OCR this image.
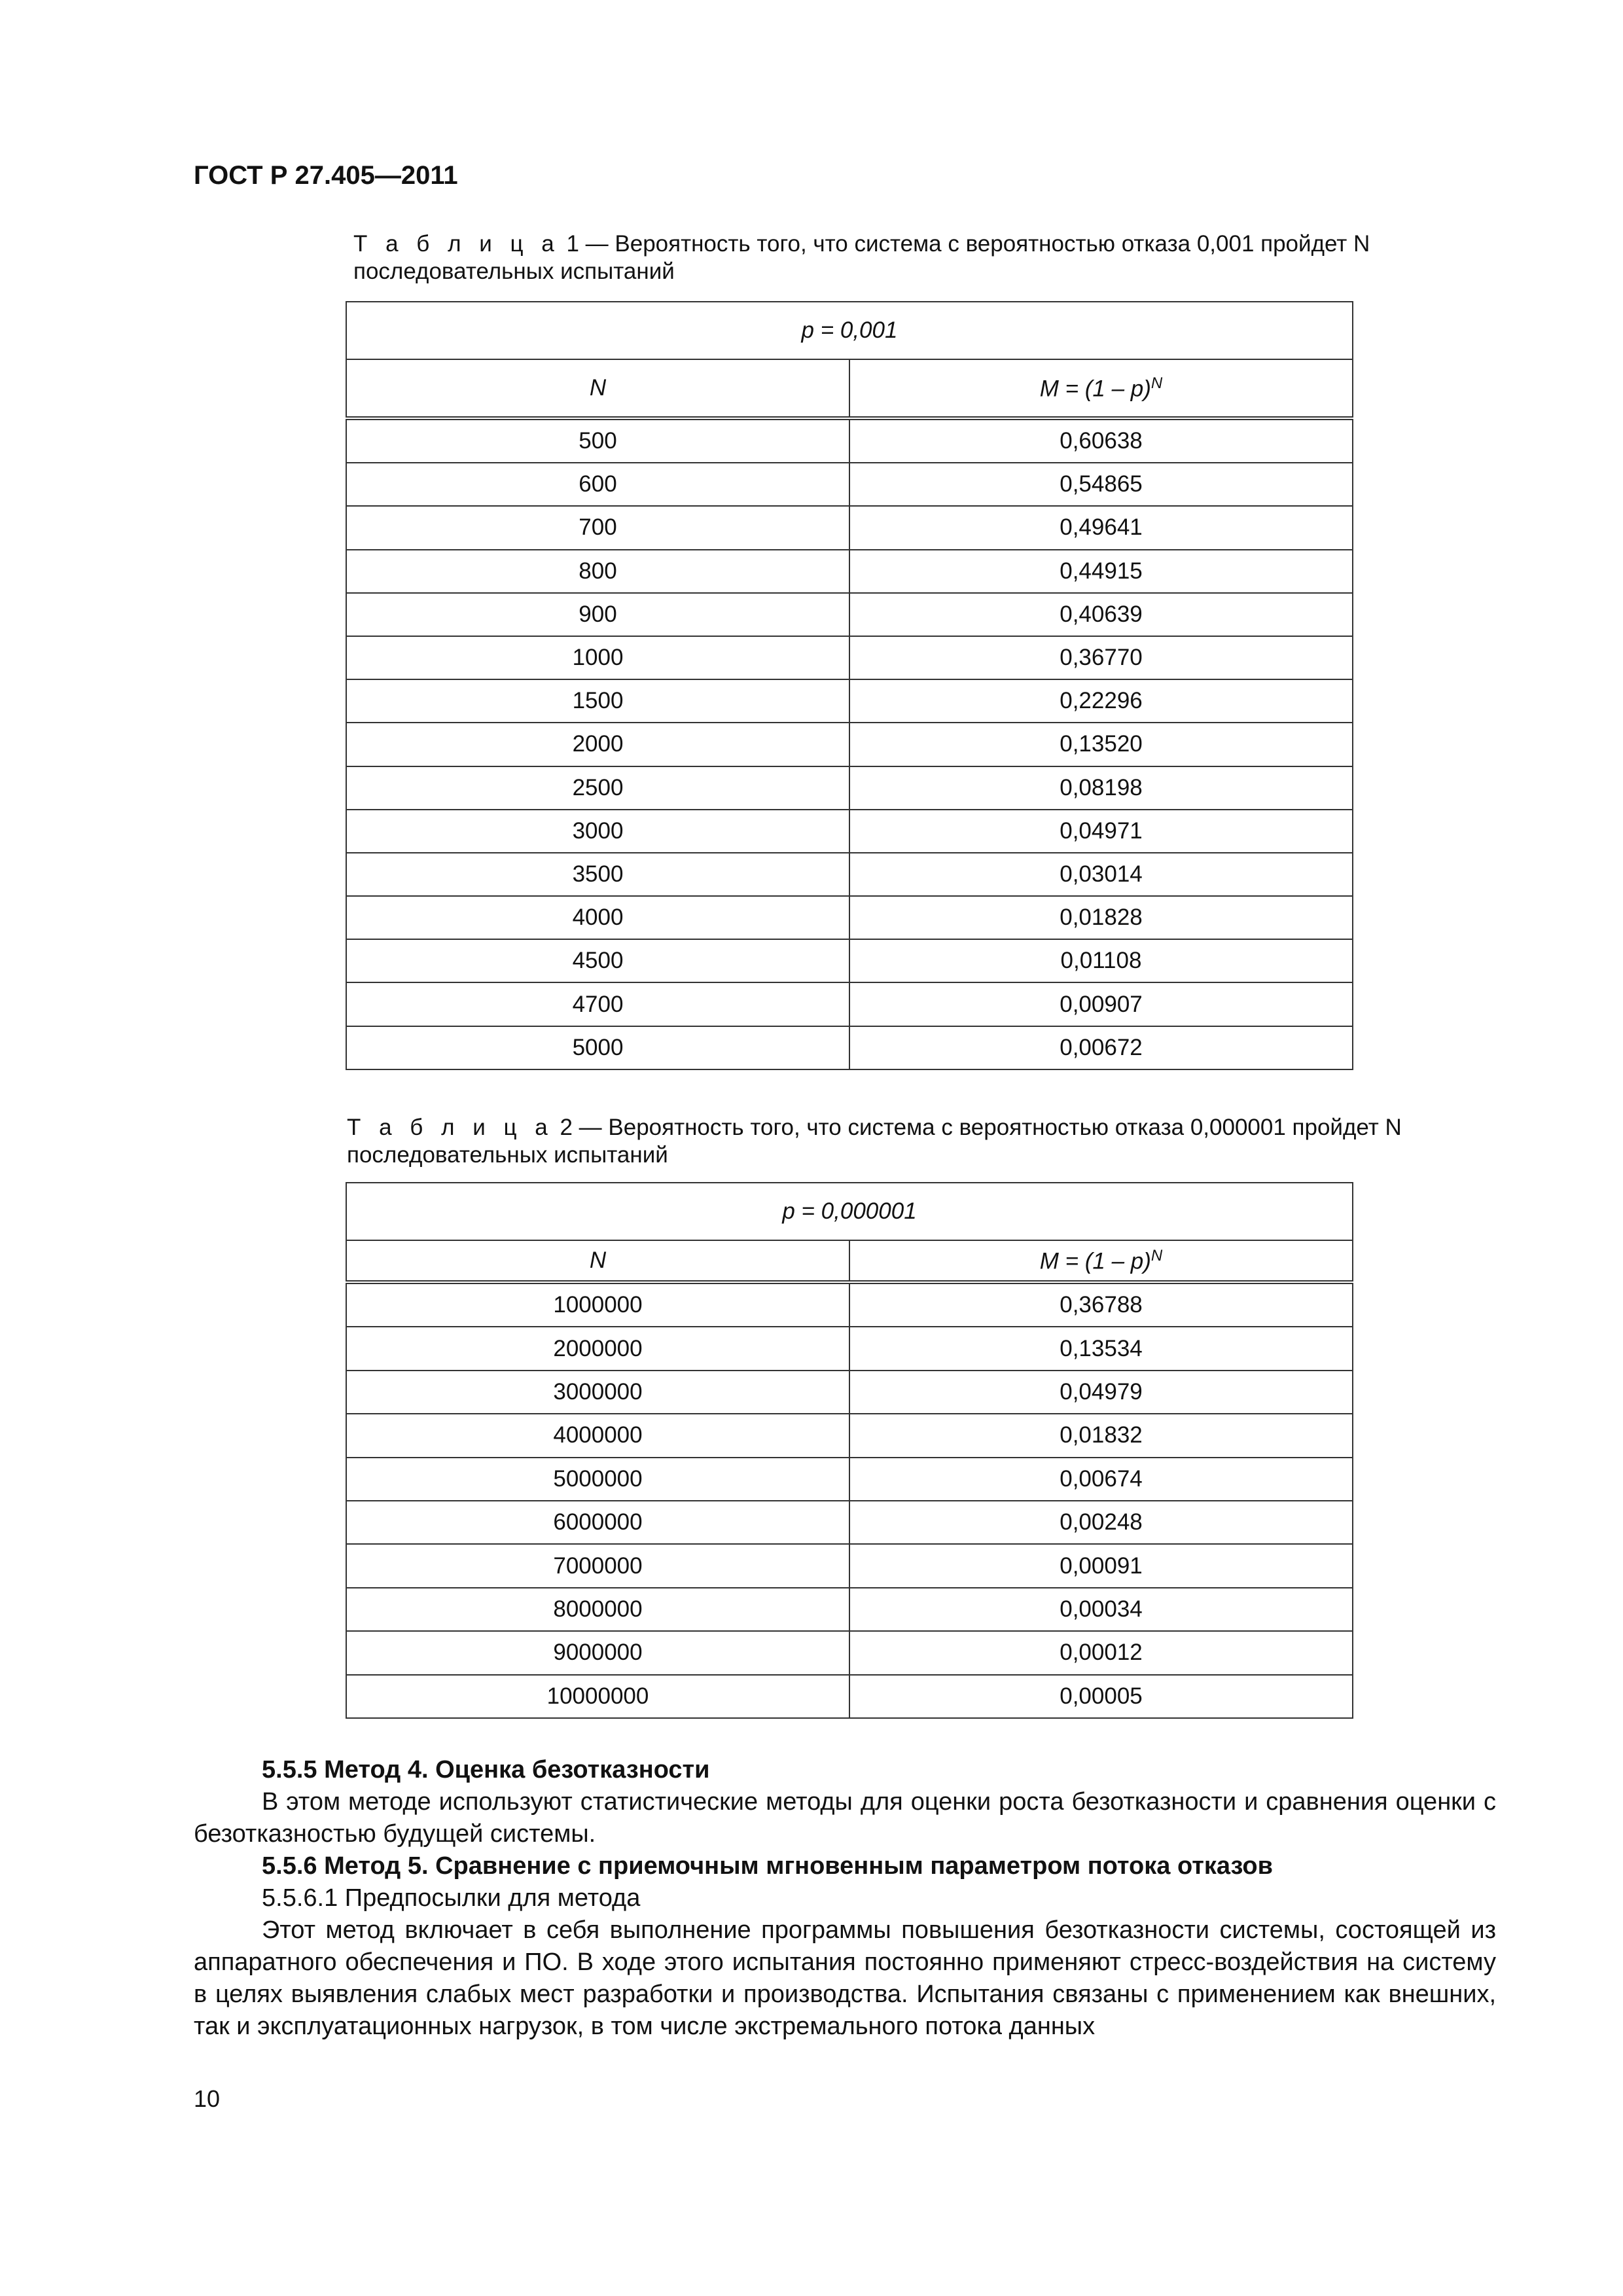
ГОСТ Р 27.405—2011
Т а б л и ц а 1 — Вероятность того, что система с вероятностью отказа 0,001 пройдет N последовательных испытаний
p = 0,001	
N	M = (1 – p)$^N$
500	0,60638
600	0,54865
700	0,49641
800	0,44915
900	0,40639
1000	0,36770
1500	0,22296
2000	0,13520
2500	0,08198
3000	0,04971
3500	0,03014
4000	0,01828
4500	0,01108
4700	0,00907
5000	0,00672
Т а б л и ц а 2 — Вероятность того, что система с вероятностью отказа 0,000001 пройдет N последовательных испытаний
p = 0,000001	
N	M = (1 – p)$^N$
1000000	0,36788
2000000	0,13534
3000000	0,04979
4000000	0,01832
5000000	0,00674
6000000	0,00248
7000000	0,00091
8000000	0,00034
9000000	0,00012
10000000	0,00005

5.5.5 Метод 4. Оценка безотказности

В этом методе используют статистические методы для оценки роста безотказности и сравнения оценки с безотказностью будущей системы.

5.5.6 Метод 5. Сравнение с приемочным мгновенным параметром потока отказов

5.5.6.1 Предпосылки для метода

Этот метод включает в себя выполнение программы повышения безотказности системы, состоящей из аппаратного обеспечения и ПО. В ходе этого испытания постоянно применяют стресс-воздействия на систему в целях выявления слабых мест разработки и производства. Испытания связаны с применением как внешних, так и эксплуатационных нагрузок, в том числе экстремального потока данных

10
